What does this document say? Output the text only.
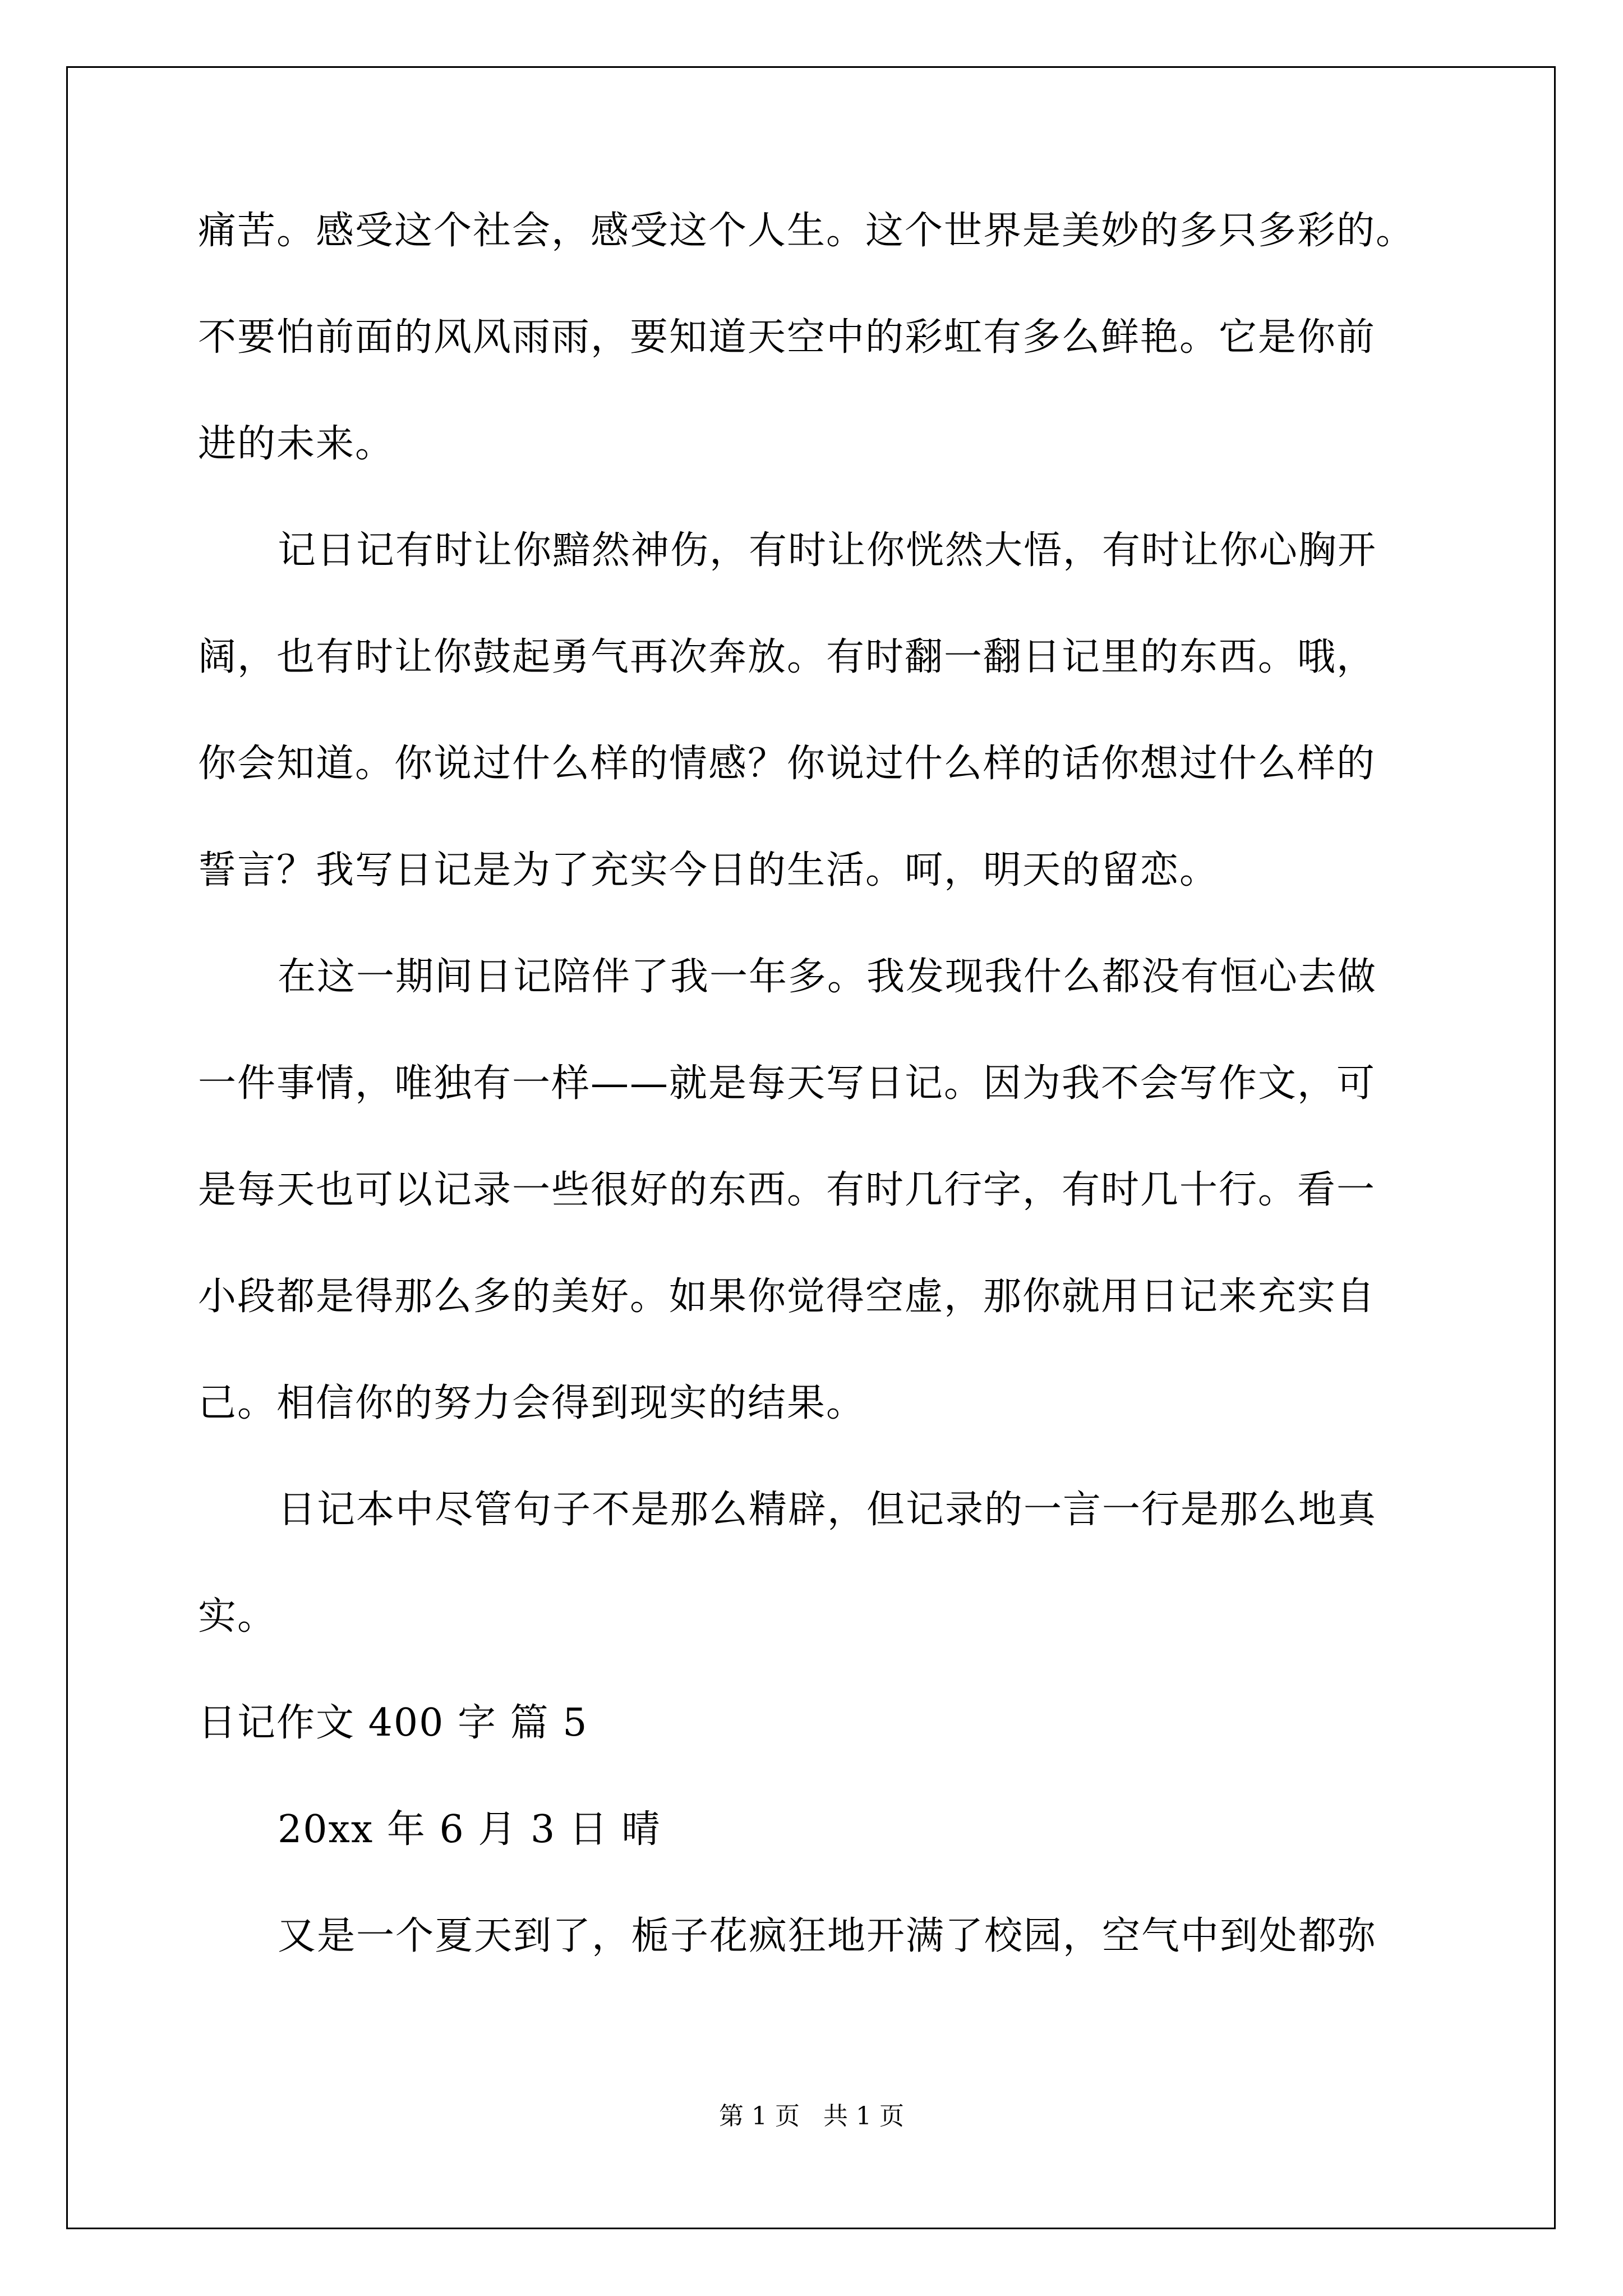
痛苦。感受这个社会，感受这个人生。这个世界是美妙的多只多彩的。
不要怕前面的风风雨雨，要知道天空中的彩虹有多么鲜艳。它是你前
进的未来。
记日记有时让你黯然神伤，有时让你恍然大悟，有时让你心胸开
阔，也有时让你鼓起勇气再次奔放。有时翻一翻日记里的东西。哦，
你会知道。你说过什么样的情感？你说过什么样的话你想过什么样的
誓言？我写日记是为了充实今日的生活。呵，明天的留恋。
在这一期间日记陪伴了我一年多。我发现我什么都没有恒心去做
一件事情，唯独有一样——就是每天写日记。因为我不会写作文，可
是每天也可以记录一些很好的东西。有时几行字，有时几十行。看一
小段都是得那么多的美好。如果你觉得空虚，那你就用日记来充实自
己。相信你的努力会得到现实的结果。
日记本中尽管句子不是那么精辟，但记录的一言一行是那么地真
实。
日记作文 400 字 篇 5
20xx 年 6 月 3 日 晴
又是一个夏天到了，栀子花疯狂地开满了校园，空气中到处都弥
第 1 页 共 1 页
